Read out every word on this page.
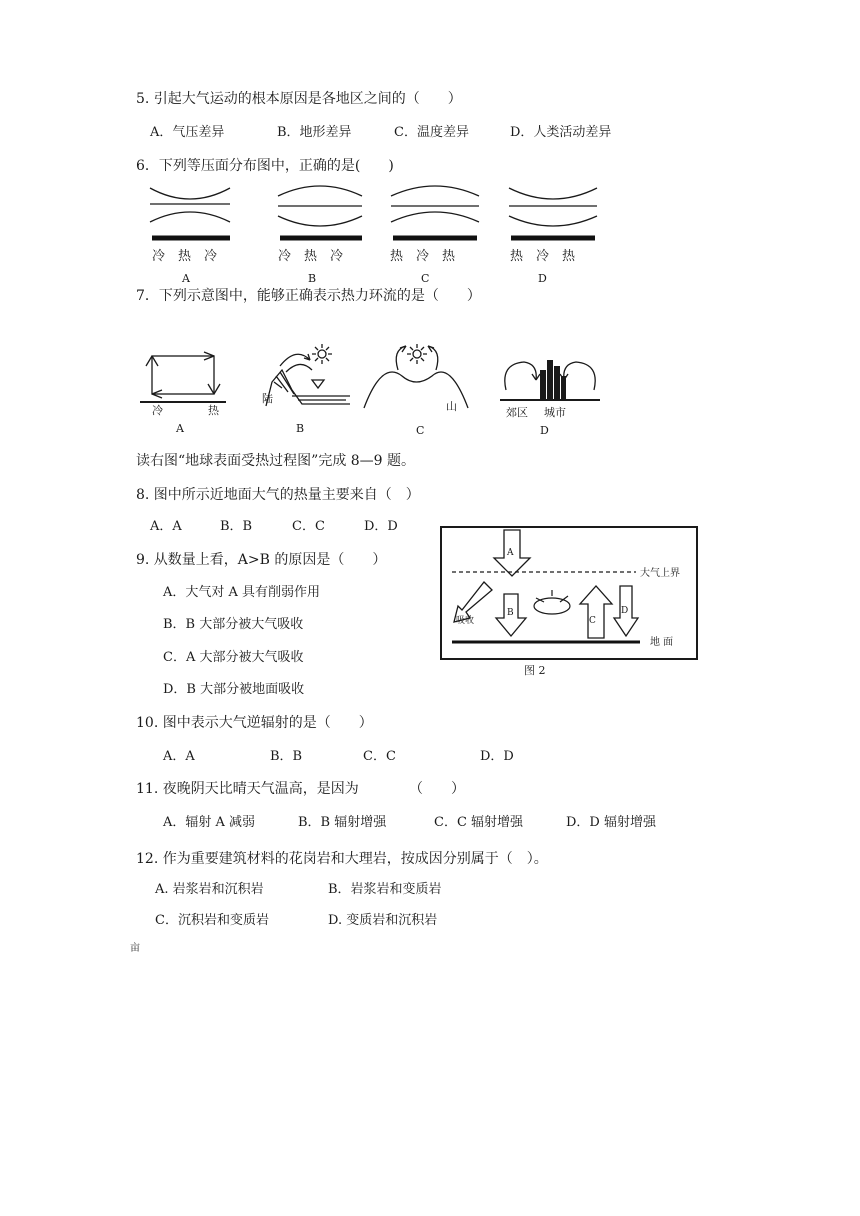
5. 引起大气运动的根本原因是各地区之间的（　　）
A．气压差异	B．地形差异	C．温度差异	D．人类活动差异
6．下列等压面分布图中，正确的是(　　)
冷　热　冷	冷　热　冷	热　冷　热	热　冷　热
A	B	C	D
7．下列示意图中，能够正确表示热力环流的是（　　）
冷	热
A
陆
B
山
C
郊区 城市
D
读右图“地球表面受热过程图”完成 8—9 题。
8. 图中所示近地面大气的热量主要来自（　）
A．A	B．B	C．C	D．D
9. 从数量上看，A>B 的原因是（　　）
A．大气对 A 具有削弱作用
B．B 大部分被大气吸收
C．A 大部分被大气吸收
D．B 大部分被地面吸收
A
B
C
D
大气上界
吸收
地 面
图 2
10. 图中表示大气逆辐射的是（　　）
A．A	B．B	C．C	D．D
11. 夜晚阴天比晴天气温高，是因为	（　　）
A．辐射 A 减弱	B．B 辐射增强	C．C 辐射增强	D．D 辐射增强
12. 作为重要建筑材料的花岗岩和大理岩，按成因分别属于（　）。
A. 岩浆岩和沉积岩	B．岩浆岩和变质岩
C．沉积岩和变质岩	D. 变质岩和沉积岩
亩
